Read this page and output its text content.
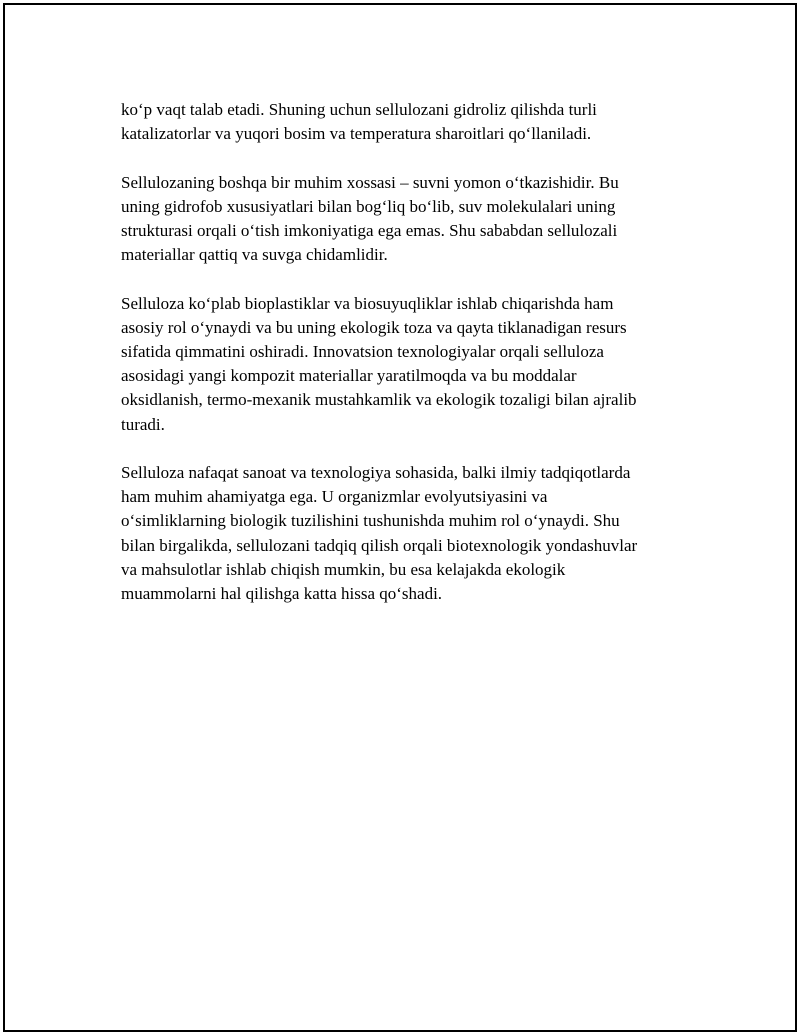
ko‘p vaqt talab etadi. Shuning uchun sellulozani gidroliz qilishda turli
katalizatorlar va yuqori bosim va temperatura sharoitlari qo‘llaniladi.

Sellulozaning boshqa bir muhim xossasi – suvni yomon o‘tkazishidir. Bu
uning gidrofob xususiyatlari bilan bog‘liq bo‘lib, suv molekulalari uning
strukturasi orqali o‘tish imkoniyatiga ega emas. Shu sababdan sellulozali
materiallar qattiq va suvga chidamlidir.

Selluloza ko‘plab bioplastiklar va biosuyuqliklar ishlab chiqarishda ham
asosiy rol o‘ynaydi va bu uning ekologik toza va qayta tiklanadigan resurs
sifatida qimmatini oshiradi. Innovatsion texnologiyalar orqali selluloza
asosidagi yangi kompozit materiallar yaratilmoqda va bu moddalar
oksidlanish, termo-mexanik mustahkamlik va ekologik tozaligi bilan ajralib
turadi.

Selluloza nafaqat sanoat va texnologiya sohasida, balki ilmiy tadqiqotlarda
ham muhim ahamiyatga ega. U organizmlar evolyutsiyasini va
o‘simliklarning biologik tuzilishini tushunishda muhim rol o‘ynaydi. Shu
bilan birgalikda, sellulozani tadqiq qilish orqali biotexnologik yondashuvlar
va mahsulotlar ishlab chiqish mumkin, bu esa kelajakda ekologik
muammolarni hal qilishga katta hissa qo‘shadi.
